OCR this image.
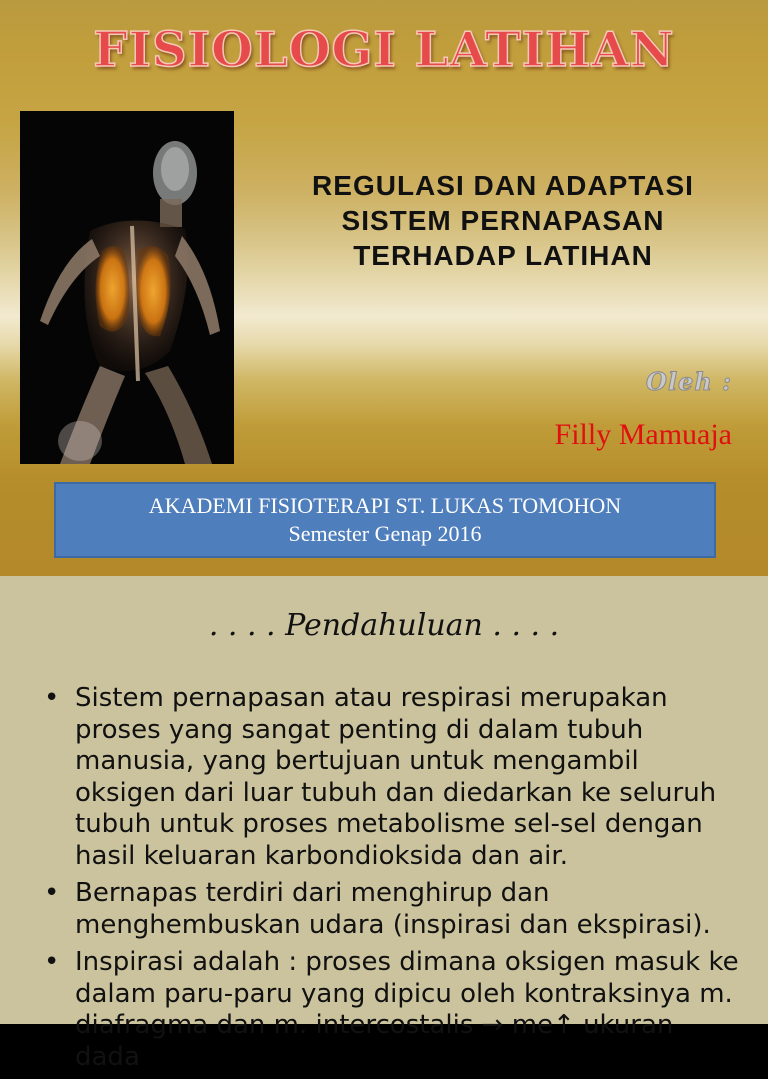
FISIOLOGI LATIHAN
REGULASI DAN ADAPTASI
SISTEM PERNAPASAN
TERHADAP LATIHAN
Oleh :
Filly Mamuaja
AKADEMI FISIOTERAPI ST. LUKAS TOMOHON
Semester Genap 2016
. . . . Pendahuluan . . . .
• Sistem pernapasan atau respirasi merupakan proses yang sangat penting di dalam tubuh manusia, yang bertujuan untuk mengambil oksigen dari luar tubuh dan diedarkan ke seluruh tubuh untuk proses metabolisme sel-sel dengan hasil keluaran karbondioksida dan air.
• Bernapas terdiri dari menghirup dan menghembuskan udara (inspirasi dan ekspirasi).
• Inspirasi adalah : proses dimana oksigen masuk ke dalam paru-paru yang dipicu oleh kontraksinya m. diafragma dan m. intercostalis → me↑ ukuran dada
